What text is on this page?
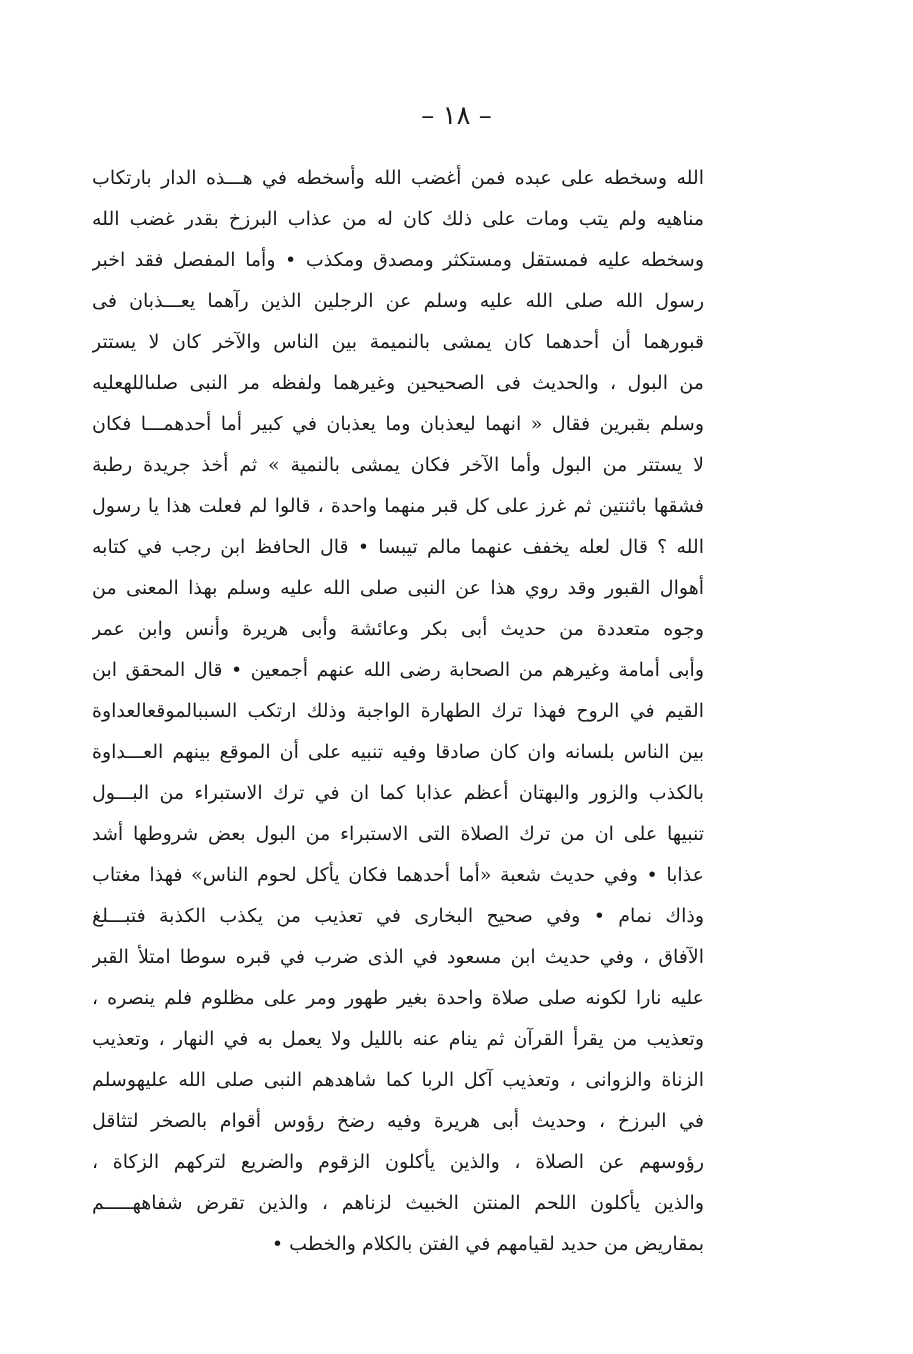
– ١٨ –
الله وسخطه على عبده فمن أغضب الله وأسخطه في هـــذه الدار بارتكاب
مناهيه ولم يتب ومات على ذلك كان له من عذاب البرزخ بقدر غضب الله
وسخطه عليه فمستقل ومستكثر ومصدق ومكذب • وأما المفصل فقد اخبر
رسول الله صلى الله عليه وسلم عن الرجلين الذين رآهما يعـــذبان فى
قبورهما أن أحدهما كان يمشى بالنميمة بين الناس والآخر كان لا يستتر
من البول ، والحديث فى الصحيحين وغيرهما ولفظه مر النبى صلىاللهعليه
وسلم بقبرين فقال « انهما ليعذبان وما يعذبان في كبير أما أحدهمـــا فكان
لا يستتر من البول وأما الآخر فكان يمشى بالنمية » ثم أخذ جريدة رطبة
فشقها باثنتين ثم غرز على كل قبر منهما واحدة ، قالوا لم فعلت هذا يا رسول
الله ؟ قال لعله يخفف عنهما مالم تيبسا • قال الحافظ ابن رجب في كتابه
أهوال القبور وقد روي هذا عن النبى صلى الله عليه وسلم بهذا المعنى من
وجوه متعددة من حديث أبى بكر وعائشة وأبى هريرة وأنس وابن عمر
وأبى أمامة وغيرهم من الصحابة رضى الله عنهم أجمعين • قال المحقق ابن
القيم في الروح فهذا ترك الطهارة الواجبة وذلك ارتكب السببالموقعالعداوة
بين الناس بلسانه وان كان صادقا وفيه تنبيه على أن الموقع بينهم العـــداوة
بالكذب والزور والبهتان أعظم عذابا كما ان في ترك الاستبراء من البـــول
تنبيها على ان من ترك الصلاة التى الاستبراء من البول بعض شروطها أشد
عذابا • وفي حديث شعبة «أما أحدهما فكان يأكل لحوم الناس» فهذا مغتاب
وذاك نمام • وفي صحيح البخارى في تعذيب من يكذب الكذبة فتبـــلغ
الآفاق ، وفي حديث ابن مسعود في الذى ضرب في قبره سوطا امتلأ القبر
عليه نارا لكونه صلى صلاة واحدة بغير طهور ومر على مظلوم فلم ينصره ،
وتعذيب من يقرأ القرآن ثم ينام عنه بالليل ولا يعمل به في النهار ، وتعذيب
الزناة والزوانى ، وتعذيب آكل الربا كما شاهدهم النبى صلى الله عليهوسلم
في البرزخ ، وحديث أبى هريرة وفيه رضخ رؤوس أقوام بالصخر لتثاقل
رؤوسهم عن الصلاة ، والذين يأكلون الزقوم والضريع لتركهم الزكاة ،
والذين يأكلون اللحم المنتن الخبيث لزناهم ، والذين تقرض شفاههـــــم
بمقاريض من حديد لقيامهم في الفتن بالكلام والخطب •
